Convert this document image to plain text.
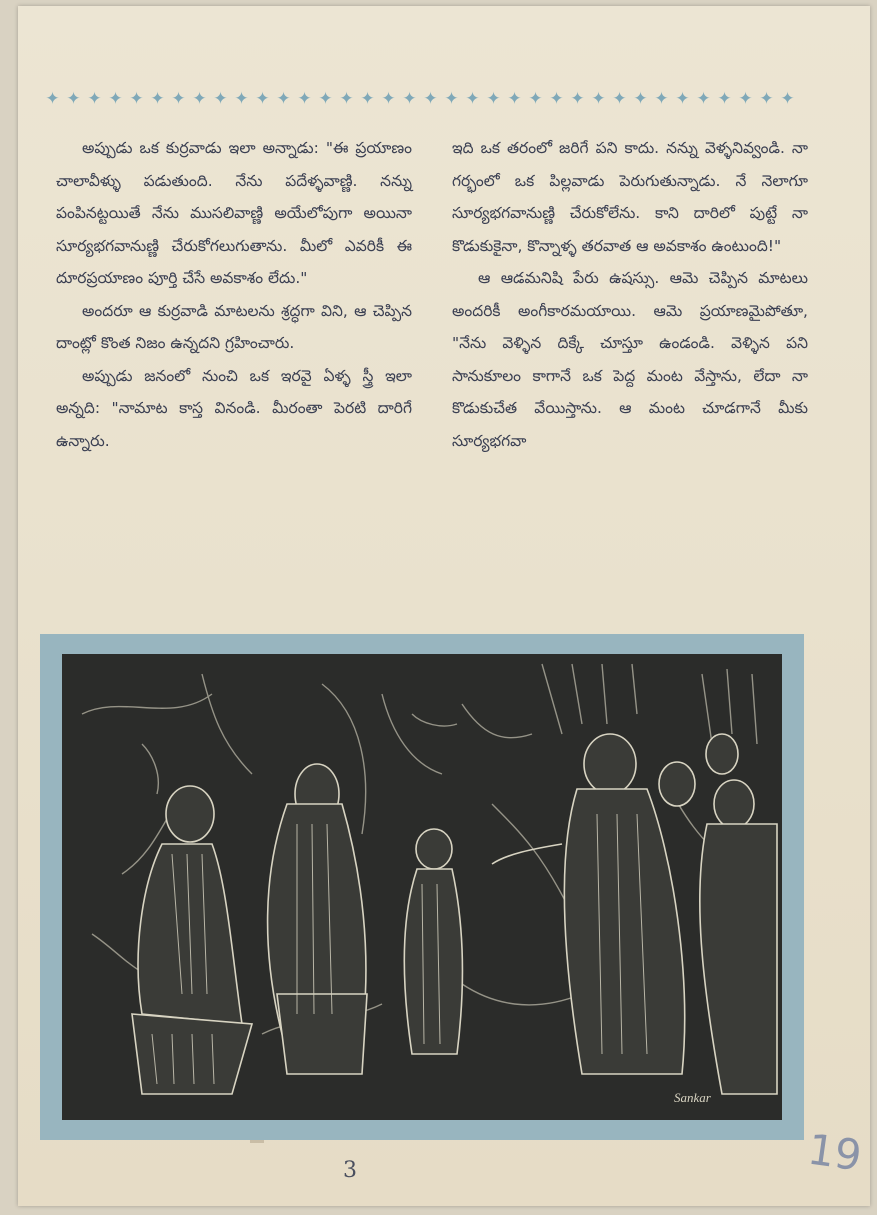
✦ ✦ ✦ ✦ ✦ ✦ ✦ ✦ ✦ ✦ ✦ ✦ ✦ ✦ ✦ ✦ ✦ ✦ ✦ ✦ ✦ ✦ ✦ ✦ ✦ ✦ ✦ ✦ ✦ ✦ ✦ ✦ ✦ ✦ ✦ ✦

అప్పుడు ఒక కుర్రవాడు ఇలా అన్నాడు: "ఈ ప్రయాణం చాలావీళ్ళు పడుతుంది. నేను పదేళ్ళవాణ్ణి. నన్ను పంపినట్టయితే నేను ముసలివాణ్ణి అయేలోపుగా అయినా సూర్యభగవానుణ్ణి చేరుకోగలుగుతాను. మీలో ఎవరికీ ఈ దూరప్రయాణం పూర్తి చేసే అవకాశం లేదు."

అందరూ ఆ కుర్రవాడి మాటలను శ్రద్ధగా విని, ఆ చెప్పిన దాంట్లో కొంత నిజం ఉన్నదని గ్రహించారు.

అప్పుడు జనంలో నుంచి ఒక ఇరవై ఏళ్ళ స్త్రీ ఇలా అన్నది: "నామాట కాస్త వినండి. మీరంతా పెరటి దారిగే ఉన్నారు.

ఇది ఒక తరంలో జరిగే పని కాదు. నన్ను వెళ్ళనివ్వండి. నా గర్భంలో ఒక పిల్లవాడు పెరుగుతున్నాడు. నే నెలాగూ సూర్యభగవానుణ్ణి చేరుకోలేను. కాని దారిలో పుట్టే నా కొడుకుకైనా, కొన్నాళ్ళ తరవాత ఆ అవకాశం ఉంటుంది!"

ఆ ఆడమనిషి పేరు ఉషస్సు. ఆమె చెప్పిన మాటలు అందరికీ అంగీకారమయాయి. ఆమె ప్రయాణమైపోతూ, "నేను వెళ్ళిన దిక్కే చూస్తూ ఉండండి. వెళ్ళిన పని సానుకూలం కాగానే ఒక పెద్ద మంట వేస్తాను, లేదా నా కొడుకుచేత వేయిస్తాను. ఆ మంట చూడగానే మీకు సూర్యభగవా

Sankar
3	19
